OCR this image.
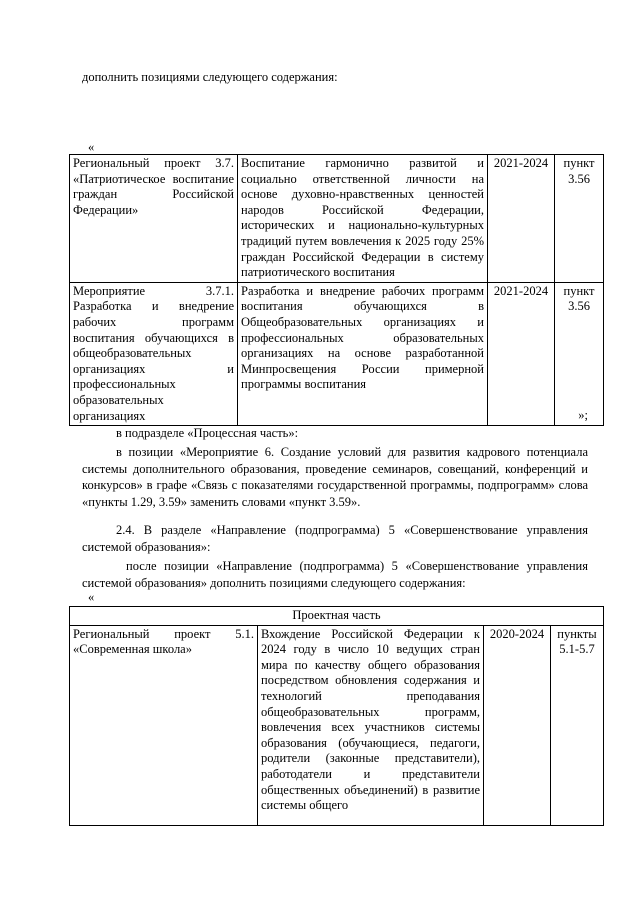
дополнить позициями следующего содержания:

«

Региональный проект 3.7. «Патриотическое воспитание граждан Российской Федерации»	Воспитание гармонично развитой и социально ответственной личности на основе духовно-нравственных ценностей народов Российской Федерации, исторических и национально-культурных традиций путем вовлечения к 2025 году 25% граждан Российской Федерации в систему патриотического воспитания	2021-2024	пункт 3.56
Мероприятие 3.7.1. Разработка и внедрение рабочих программ воспитания обучающихся в общеобразовательных организациях и профессиональных образовательных организациях	Разработка и внедрение рабочих программ воспитания обучающихся в Общеобразовательных организациях и профессиональных образовательных организациях на основе разработанной Минпросвещения России примерной программы воспитания	2021-2024	пункт 3.56

»;

в подразделе «Процессная часть»:

в позиции «Мероприятие 6. Создание условий для развития кадрового потенциала системы дополнительного образования, проведение семинаров, совещаний, конференций и конкурсов» в графе «Связь с показателями государственной программы, подпрограмм» слова «пункты 1.29, 3.59» заменить словами «пункт 3.59».

2.4. В разделе «Направление (подпрограмма) 5 «Совершенствование управления системой образования»:

после позиции «Направление (подпрограмма) 5 «Совершенствование управления системой образования» дополнить позициями следующего содержания:

«

Проектная часть
Региональный проект 5.1. «Современная школа»	Вхождение Российской Федерации к 2024 году в число 10 ведущих стран мира по качеству общего образования посредством обновления содержания и технологий преподавания общеобразовательных программ, вовлечения всех участников системы образования (обучающиеся, педагоги, родители (законные представители), работодатели и представители общественных объединений) в развитие системы общего	2020-2024	пункты 5.1-5.7
